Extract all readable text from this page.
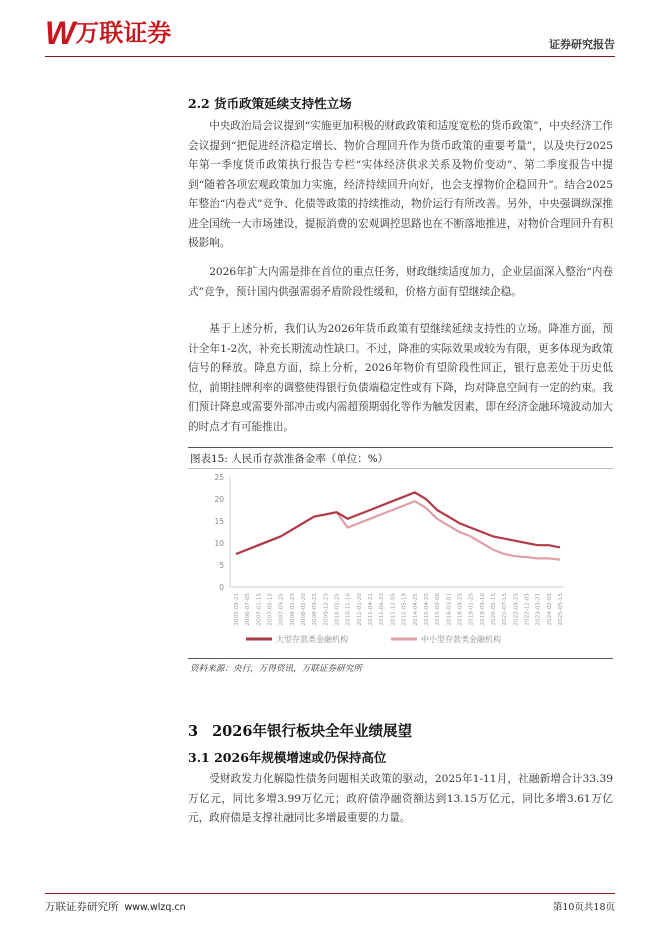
W 万联证券	证券研究报告
2.2 货币政策延续支持性立场

中央政治局会议提到“实施更加积极的财政政策和适度宽松的货币政策”，中央经济工作会议提到“把促进经济稳定增长、物价合理回升作为货币政策的重要考量”，以及央行2025年第一季度货币政策执行报告专栏“实体经济供求关系及物价变动”、第二季度报告中提到“随着各项宏观政策加力实施，经济持续回升向好，也会支撑物价企稳回升”。结合2025年整治“内卷式”竞争、化债等政策的持续推动，物价运行有所改善。另外，中央强调纵深推进全国统一大市场建设，提振消费的宏观调控思路也在不断落地推进，对物价合理回升有积极影响。

2026年扩大内需是排在首位的重点任务，财政继续适度加力，企业层面深入整治“内卷式”竞争，预计国内供强需弱矛盾阶段性缓和，价格方面有望继续企稳。

基于上述分析，我们认为2026年货币政策有望继续延续支持性的立场。降准方面，预计全年1-2次，补充长期流动性缺口。不过，降准的实际效果或较为有限，更多体现为政策信号的释放。降息方面，综上分析，2026年物价有望阶段性回正，银行息差处于历史低位，前期挂牌利率的调整使得银行负债端稳定性或有下降，均对降息空间有一定的约束。我们预计降息或需要外部冲击或内需超预期弱化等作为触发因素，即在经济金融环境波动加大的时点才有可能推出。

图表15: 人民币存款准备金率（单位：%）
0
5
10
15
20
25
2005-09-21 2006-07-05 2007-01-15 2007-05-15 2007-09-25 2008-01-25 2008-05-20 2008-09-25 2009-12-23 2010-02-25 2010-11-16 2011-01-20 2011-04-21 2011-06-20 2011-12-05 2012-05-18 2014-04-25 2015-04-20 2015-09-06 2016-03-01 2018-04-25 2019-01-25 2019-09-16 2020-05-15 2021-07-15 2022-04-25 2022-12-05 2023-03-27 2024-02-05 2025-05-15
大型存款类金融机构	中小型存款类金融机构
资料来源：央行，万得资讯，万联证券研究所
3 2026年银行板块全年业绩展望
3.1 2026年规模增速或仍保持高位

受财政发力化解隐性债务问题相关政策的驱动，2025年1-11月，社融新增合计33.39万亿元，同比多增3.99万亿元；政府债净融资额达到13.15万亿元，同比多增3.61万亿元，政府债是支撑社融同比多增最重要的力量。

万联证券研究所 www.wlzq.cn	第10页共18页
